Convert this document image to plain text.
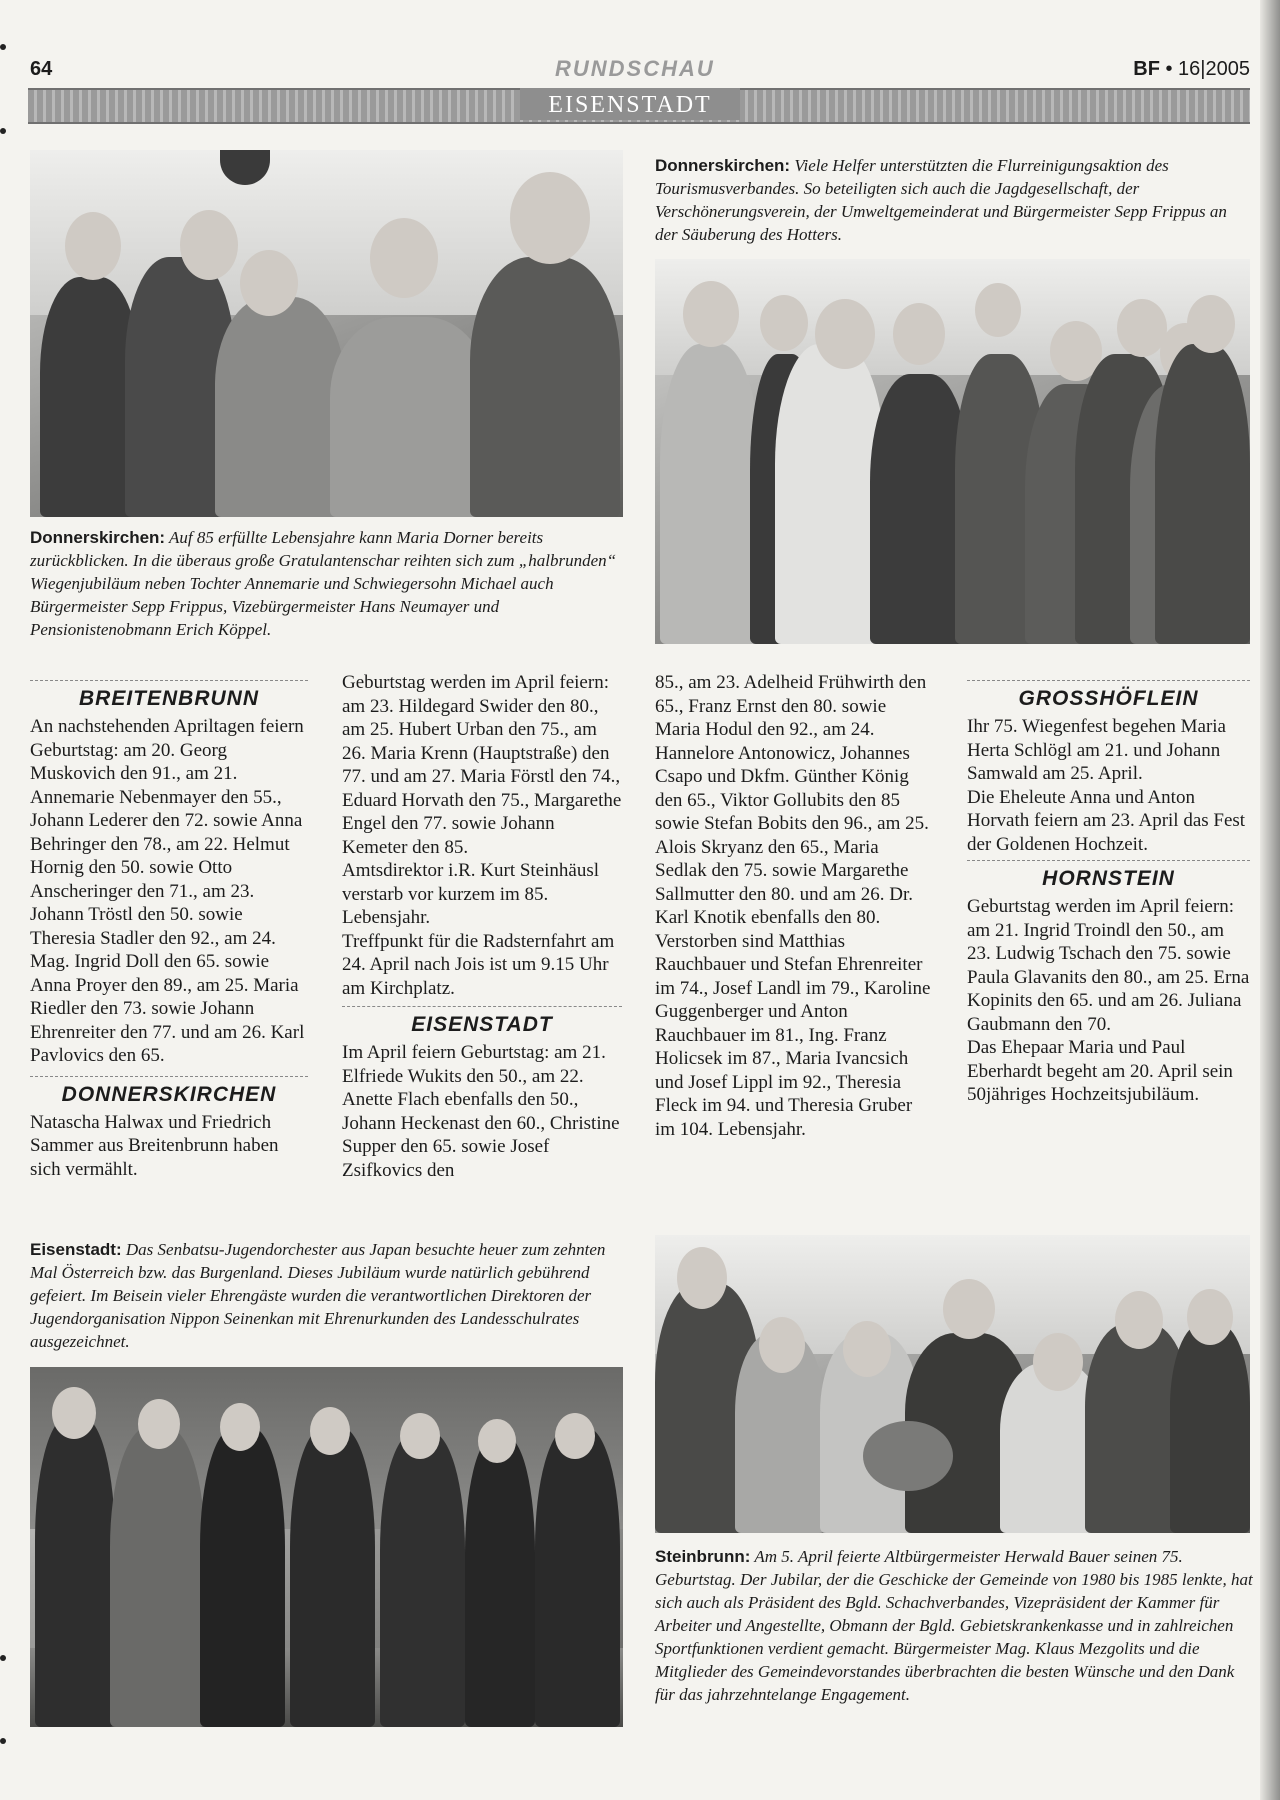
64	RUNDSCHAU	BF • 16|2005
EISENSTADT
Donnerskirchen: Auf 85 erfüllte Lebensjahre kann Maria Dorner bereits zurückblicken. In die überaus große Gratulantenschar reihten sich zum „halbrunden“ Wiegenjubiläum neben Tochter Annemarie und Schwiegersohn Michael auch Bürgermeister Sepp Frippus, Vizebürgermeister Hans Neumayer und Pensionistenobmann Erich Köppel.
Donnerskirchen: Viele Helfer unterstützten die Flurreinigungsaktion des Tourismusverbandes. So beteiligten sich auch die Jagdgesellschaft, der Verschönerungsverein, der Umweltgemeinderat und Bürgermeister Sepp Frippus an der Säuberung des Hotters.
BREITENBRUNN

An nachstehenden Apriltagen feiern Geburtstag: am 20. Georg Muskovich den 91., am 21. Annemarie Nebenmayer den 55., Johann Lederer den 72. sowie Anna Behringer den 78., am 22. Helmut Hornig den 50. sowie Otto Anscheringer den 71., am 23. Johann Tröstl den 50. sowie Theresia Stadler den 92., am 24. Mag. Ingrid Doll den 65. sowie Anna Proyer den 89., am 25. Maria Riedler den 73. sowie Johann Ehrenreiter den 77. und am 26. Karl Pavlovics den 65.

DONNERSKIRCHEN

Natascha Halwax und Friedrich Sammer aus Breitenbrunn haben sich vermählt.

Geburtstag werden im April feiern: am 23. Hildegard Swider den 80., am 25. Hubert Urban den 75., am 26. Maria Krenn (Hauptstraße) den 77. und am 27. Maria Förstl den 74., Eduard Horvath den 75., Margarethe Engel den 77. sowie Johann Kemeter den 85.

Amtsdirektor i.R. Kurt Steinhäusl verstarb vor kurzem im 85. Lebensjahr.

Treffpunkt für die Radsternfahrt am 24. April nach Jois ist um 9.15 Uhr am Kirchplatz.

EISENSTADT

Im April feiern Geburtstag: am 21. Elfriede Wukits den 50., am 22. Anette Flach ebenfalls den 50., Johann Heckenast den 60., Christine Supper den 65. sowie Josef Zsifkovics den

85., am 23. Adelheid Frühwirth den 65., Franz Ernst den 80. sowie Maria Hodul den 92., am 24. Hannelore Antonowicz, Johannes Csapo und Dkfm. Günther König den 65., Viktor Gollubits den 85 sowie Stefan Bobits den 96., am 25. Alois Skryanz den 65., Maria Sedlak den 75. sowie Margarethe Sallmutter den 80. und am 26. Dr. Karl Knotik ebenfalls den 80.

Verstorben sind Matthias Rauchbauer und Stefan Ehrenreiter im 74., Josef Landl im 79., Karoline Guggenberger und Anton Rauchbauer im 81., Ing. Franz Holicsek im 87., Maria Ivancsich und Josef Lippl im 92., Theresia Fleck im 94. und Theresia Gruber im 104. Lebensjahr.

GROSSHÖFLEIN

Ihr 75. Wiegenfest begehen Maria Herta Schlögl am 21. und Johann Samwald am 25. April.

Die Eheleute Anna und Anton Horvath feiern am 23. April das Fest der Goldenen Hochzeit.

HORNSTEIN

Geburtstag werden im April feiern: am 21. Ingrid Troindl den 50., am 23. Ludwig Tschach den 75. sowie Paula Glavanits den 80., am 25. Erna Kopinits den 65. und am 26. Juliana Gaubmann den 70.

Das Ehepaar Maria und Paul Eberhardt begeht am 20. April sein 50jähriges Hochzeitsjubiläum.

Eisenstadt: Das Senbatsu-Jugendorchester aus Japan besuchte heuer zum zehnten Mal Österreich bzw. das Burgenland. Dieses Jubiläum wurde natürlich gebührend gefeiert. Im Beisein vieler Ehrengäste wurden die verantwortlichen Direktoren der Jugendorganisation Nippon Seinenkan mit Ehrenurkunden des Landesschulrates ausgezeichnet.
Steinbrunn: Am 5. April feierte Altbürgermeister Herwald Bauer seinen 75. Geburtstag. Der Jubilar, der die Geschicke der Gemeinde von 1980 bis 1985 lenkte, hat sich auch als Präsident des Bgld. Schachverbandes, Vizepräsident der Kammer für Arbeiter und Angestellte, Obmann der Bgld. Gebietskrankenkasse und in zahlreichen Sportfunktionen verdient gemacht. Bürgermeister Mag. Klaus Mezgolits und die Mitglieder des Gemeindevorstandes überbrachten die besten Wünsche und den Dank für das jahrzehntelange Engagement.
